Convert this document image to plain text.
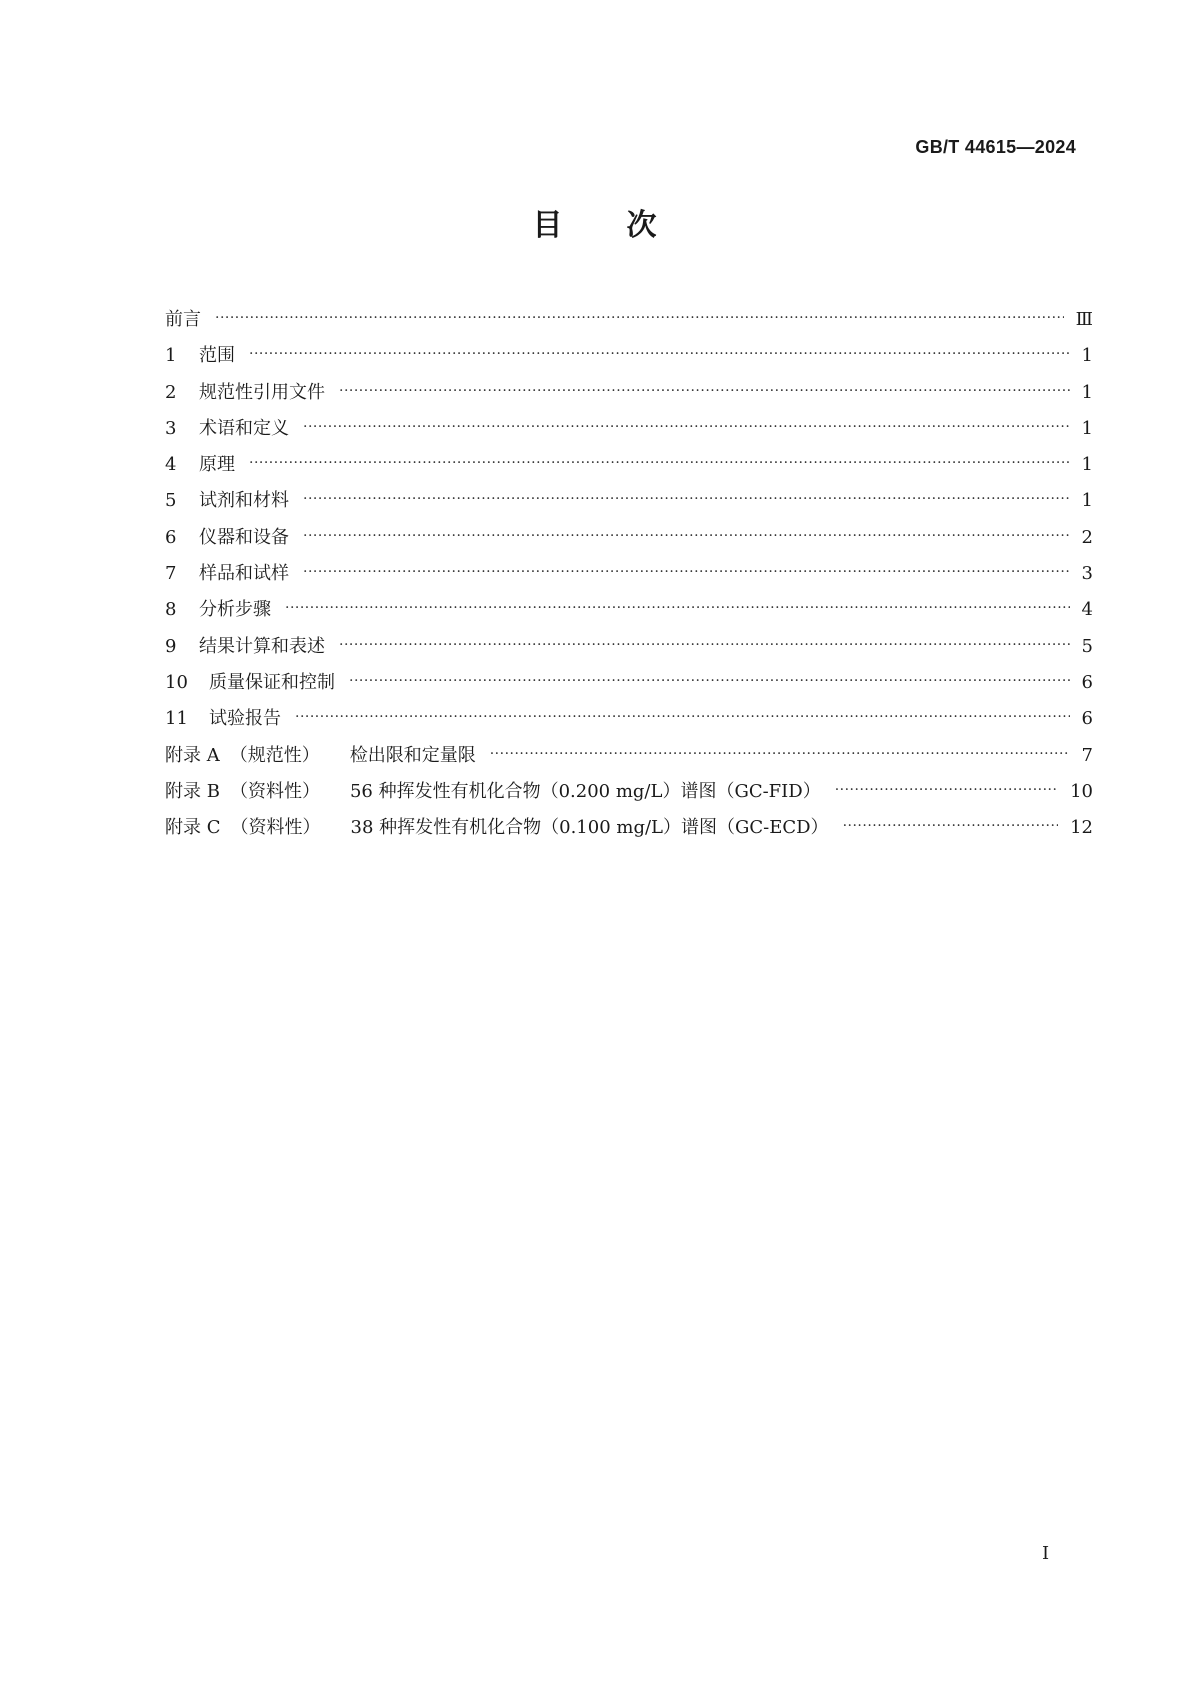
GB/T 44615—2024
目 次
前言 ·····	Ⅲ
1	范围 ·····	1
2	规范性引用文件 ·····	1
3	术语和定义 ·····	1
4	原理 ·····	1
5	试剂和材料 ·····	1
6	仪器和设备 ·····	2
7	样品和试样 ·····	3
8	分析步骤 ·····	4
9	结果计算和表述 ·····	5
10	质量保证和控制 ·····	6
11	试验报告 ·····	6
附录 A （规范性） 检出限和定量限 ·····	7
附录 B （资料性） 56 种挥发性有机化合物（0.200 mg/L）谱图（GC-FID） ·····	10
附录 C （资料性） 38 种挥发性有机化合物（0.100 mg/L）谱图（GC-ECD） ·····	12
Ⅰ
